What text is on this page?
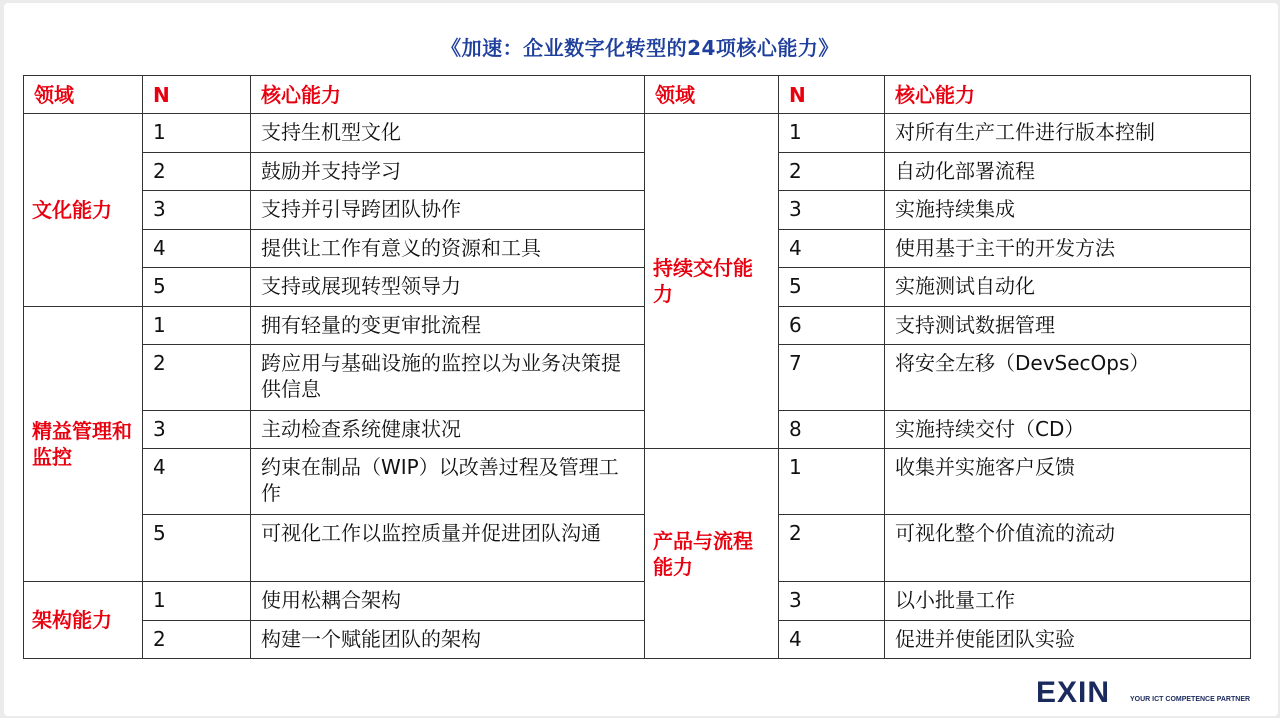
《加速：企业数字化转型的24项核心能力》
领域	N	核心能力	领域	N	核心能力
文化能力	1	支持生机型文化	持续交付能力	1	对所有生产工件进行版本控制
	2	鼓励并支持学习		2	自动化部署流程
	3	支持并引导跨团队协作		3	实施持续集成
	4	提供让工作有意义的资源和工具		4	使用基于主干的开发方法
	5	支持或展现转型领导力		5	实施测试自动化
精益管理和监控	1	拥有轻量的变更审批流程		6	支持测试数据管理
	2	跨应用与基础设施的监控以为业务决策提供信息		7	将安全左移（DevSecOps）
	3	主动检查系统健康状况		8	实施持续交付（CD）
	4	约束在制品（WIP）以改善过程及管理工作	产品与流程能力	1	收集并实施客户反馈
	5	可视化工作以监控质量并促进团队沟通		2	可视化整个价值流的流动
架构能力	1	使用松耦合架构		3	以小批量工作
	2	构建一个赋能团队的架构		4	促进并使能团队实验
EXIN	YOUR ICT COMPETENCE PARTNER
